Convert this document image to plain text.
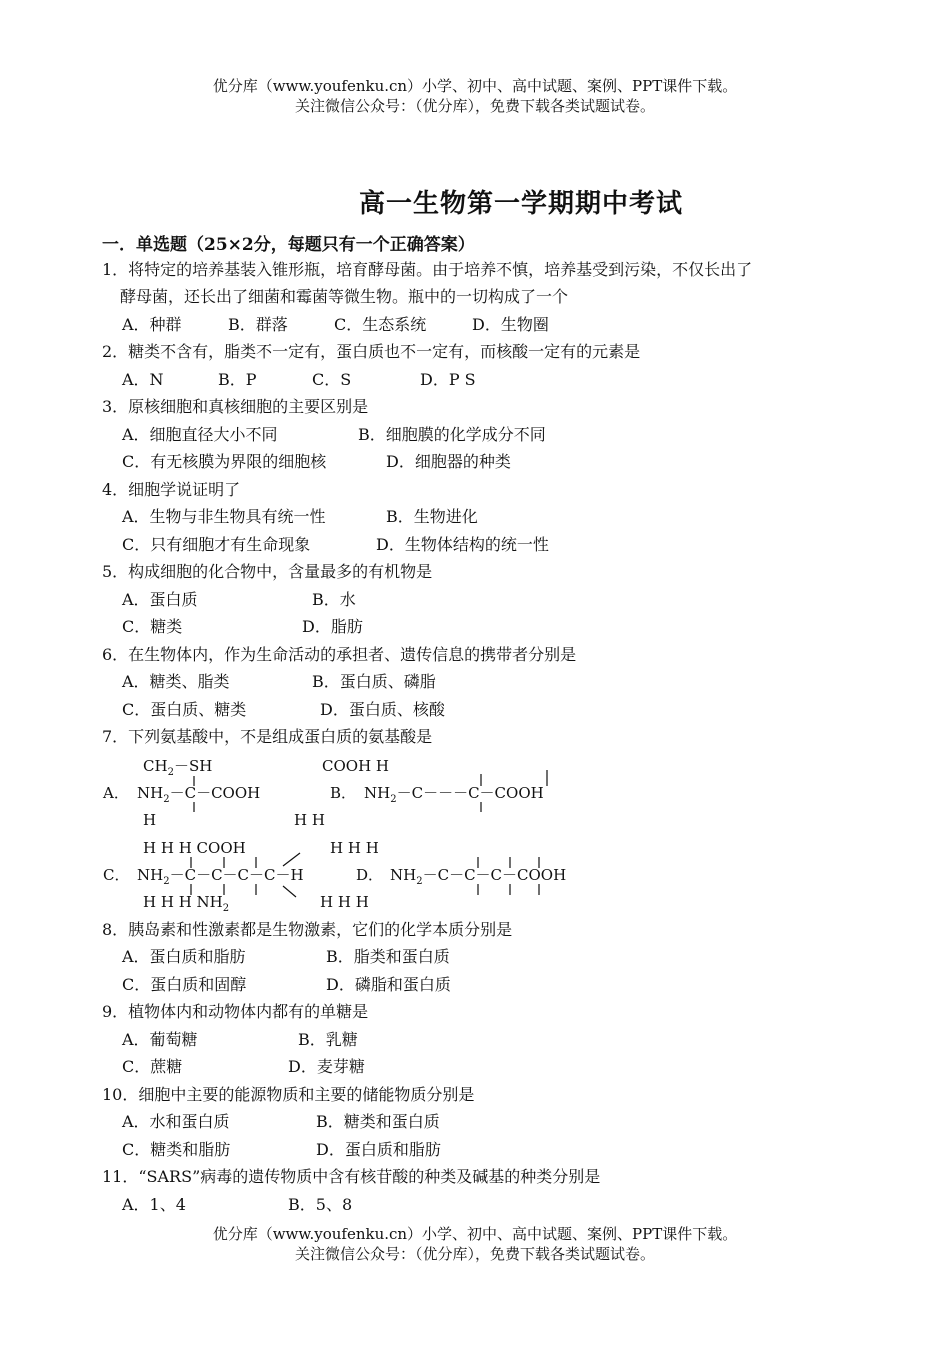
优分库（www.youfenku.cn）小学、初中、高中试题、案例、PPT课件下载。
关注微信公众号：（优分库），免费下载各类试题试卷。
高一生物第一学期期中考试
一．单选题（25×2分，每题只有一个正确答案）
1．将特定的培养基装入锥形瓶，培育酵母菌。由于培养不慎，培养基受到污染，不仅长出了
酵母菌，还长出了细菌和霉菌等微生物。瓶中的一切构成了一个
A．种群	B．群落	C．生态系统	D．生物圈
2．糖类不含有，脂类不一定有，蛋白质也不一定有，而核酸一定有的元素是
A．N	B．P	C．S	D．P S
3．原核细胞和真核细胞的主要区别是
A．细胞直径大小不同	B．细胞膜的化学成分不同
C．有无核膜为界限的细胞核	D．细胞器的种类
4．细胞学说证明了
A．生物与非生物具有统一性	B．生物进化
C．只有细胞才有生命现象	D．生物体结构的统一性
5．构成细胞的化合物中，含量最多的有机物是
A．蛋白质	B．水
C．糖类	D．脂肪
6．在生物体内，作为生命活动的承担者、遗传信息的携带者分别是
A．糖类、脂类	B．蛋白质、磷脂
C．蛋白质、糖类	D．蛋白质、核酸
7．下列氨基酸中，不是组成蛋白质的氨基酸是
$CH_2-SH$
A． $NH_2-C-COOH$
H
COOH H
B． $NH_2-C---C-COOH$
H H
H H H COOH
C． $NH_2-C-C-C-C-H$
H H H $NH_2$
H H H
D． $NH_2-C-C-C-COOH$
H H H
8．胰岛素和性激素都是生物激素，它们的化学本质分别是
A．蛋白质和脂肪	B．脂类和蛋白质
C．蛋白质和固醇	D．磷脂和蛋白质
9．植物体内和动物体内都有的单糖是
A．葡萄糖	B．乳糖
C．蔗糖	D．麦芽糖
10．细胞中主要的能源物质和主要的储能物质分别是
A．水和蛋白质	B．糖类和蛋白质
C．糖类和脂肪	D．蛋白质和脂肪
11．“SARS”病毒的遗传物质中含有核苷酸的种类及碱基的种类分别是
A．1、4	B．5、8
优分库（www.youfenku.cn）小学、初中、高中试题、案例、PPT课件下载。
关注微信公众号：（优分库），免费下载各类试题试卷。
